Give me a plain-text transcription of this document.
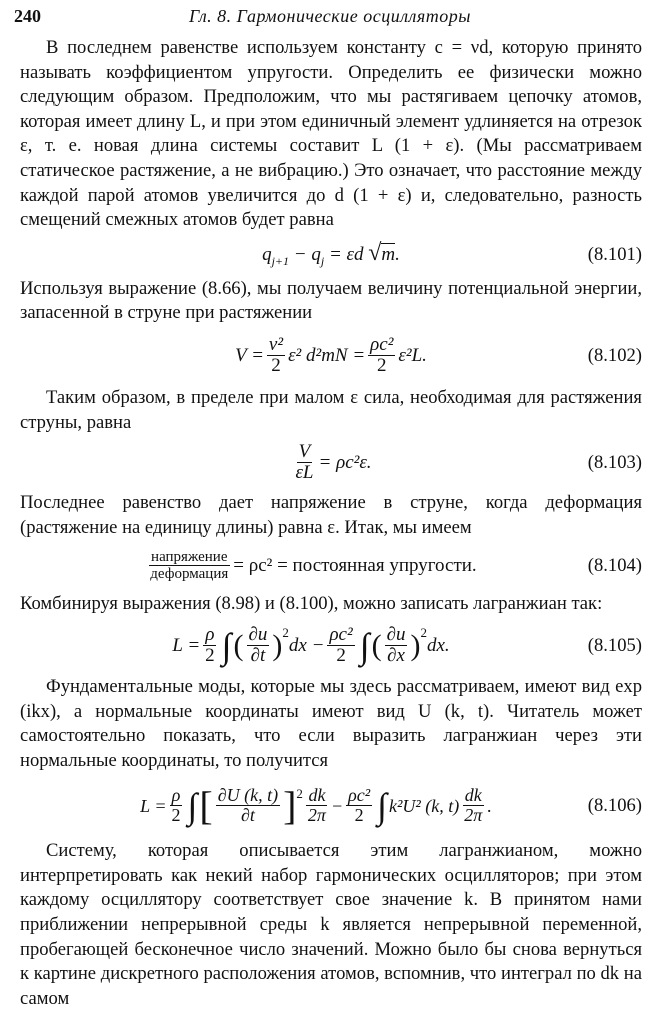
240	Гл. 8. Гармонические осцилляторы

В последнем равенстве используем константу c = νd, которую принято называть коэффициентом упругости. Определить ее физически можно следующим образом. Предположим, что мы растягиваем цепочку атомов, которая имеет длину L, и при этом единичный элемент удлиняется на отрезок ε, т. е. новая длина системы составит L (1 + ε). (Мы рассматриваем статическое растяжение, а не вибрацию.) Это означает, что расстояние между каждой парой атомов увеличится до d (1 + ε) и, следовательно, разность смещений смежных атомов будет равна

$q_{j+1} - q_j = \varepsilon d$ √m.	(8.101)

Используя выражение (8.66), мы получаем величину потенциальной энергии, запасенной в струне при растяжении

$V = \frac{\text{ν²}}{2} \varepsilon^2$ $d^2mN = \frac{\text{ρc²}}{2} \varepsilon^2L$.	(8.102)

Таким образом, в пределе при малом ε сила, необходимая для растяжения струны, равна

$\frac{V}{\varepsilon L} = \rho c^2\varepsilon$.	(8.103)

Последнее равенство дает напряжение в струне, когда деформация (растяжение на единицу длины) равна ε. Итак, мы имеем

$\frac{\text{напряжение}}{\text{деформация}} = \rho c^2$ = постоянная упругости.	(8.104)

Комбинируя выражения (8.98) и (8.100), можно записать лагранжиан так:

$L = \frac{\rho}{2}$ ∫ ( $\frac{\partial u}{\partial t}$ ) 2
dx − $\frac{\text{ρc²}}{2}$ ∫ ( $\frac{\partial u}{\partial x}$ ) 2
dx.	(8.105)

Фундаментальные моды, которые мы здесь рассматриваем, имеют вид exp (ikx), а нормальные координаты имеют вид U (k, t). Читатель может самостоятельно показать, что если выразить лагранжиан через эти нормальные координаты, то получится

$L = \frac{\rho}{2}$ ∫ [ $\frac{\partial U (k, t)}{\partial t}$ ] $2 \frac{dk}{2\pi} - \frac{\text{ρc²}}{2}$ ∫ k²U² (k, $t) \frac{dk}{2\pi}$ .	(8.106)

Систему, которая описывается этим лагранжианом, можно интерпретировать как некий набор гармонических осцилляторов; при этом каждому осциллятору соответствует свое значение k. В принятом нами приближении непрерывной среды k является непрерывной переменной, пробегающей бесконечное число значений. Можно было бы снова вернуться к картине дискретного расположения атомов, вспомнив, что интеграл по dk на самом
